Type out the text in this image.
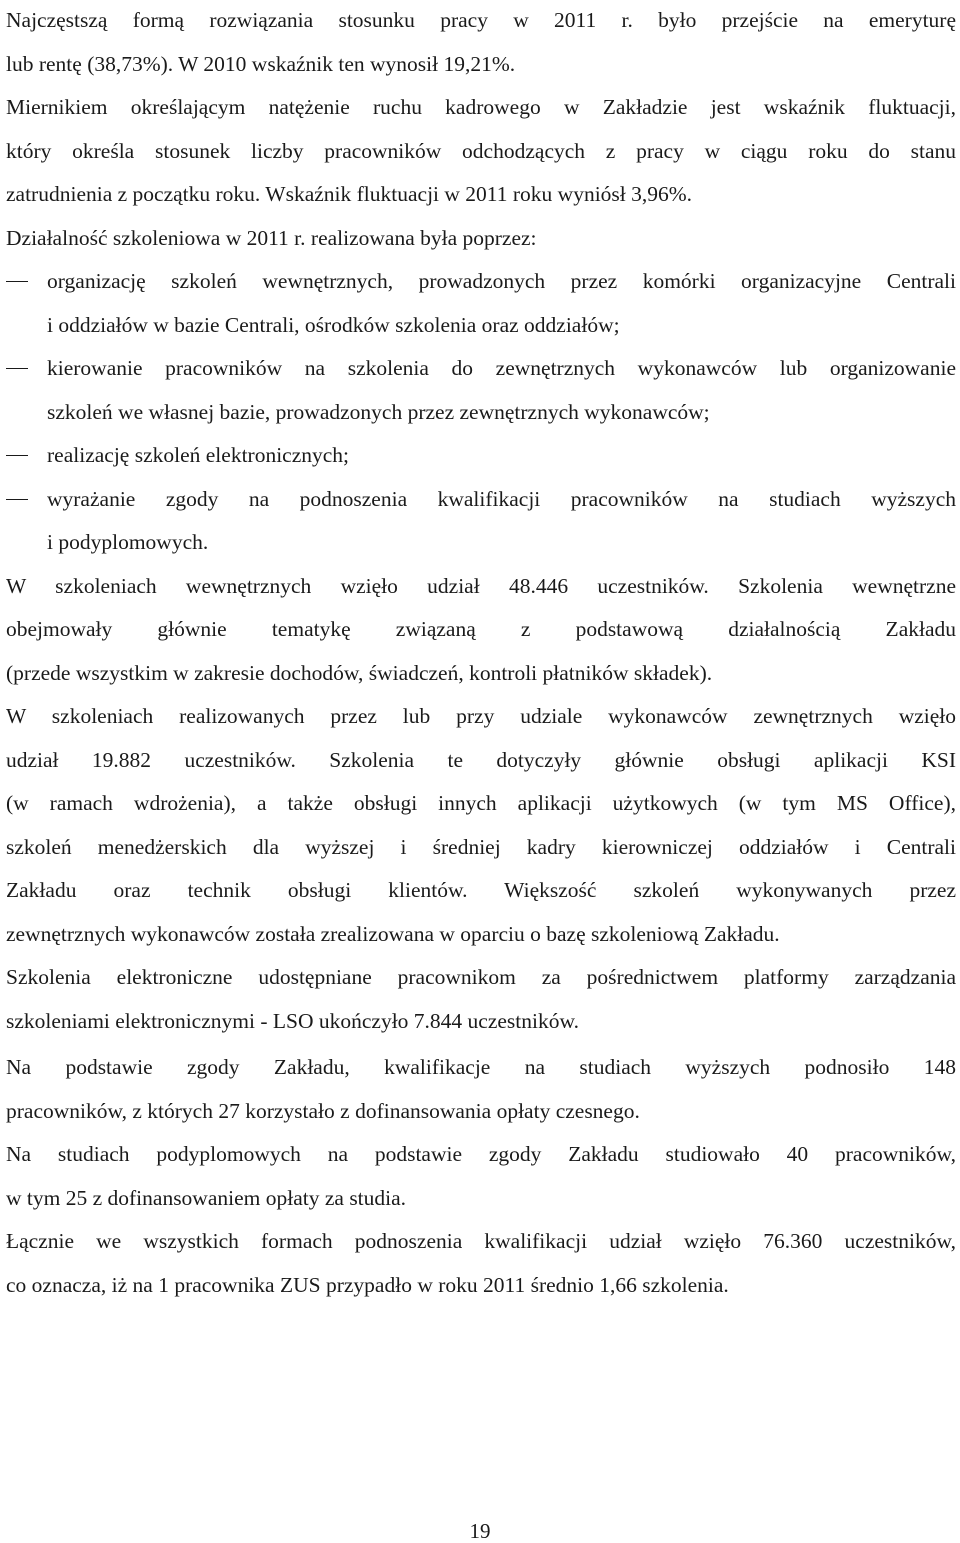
Najczęstszą formą rozwiązania stosunku pracy w 2011 r. było przejście na emeryturę
lub rentę (38,73%). W 2010 wskaźnik ten wynosił 19,21%.
Miernikiem określającym natężenie ruchu kadrowego w Zakładzie jest wskaźnik fluktuacji,
który określa stosunek liczby pracowników odchodzących z pracy w ciągu roku do stanu
zatrudnienia z początku roku. Wskaźnik fluktuacji w 2011 roku wyniósł 3,96%.
Działalność szkoleniowa w 2011 r. realizowana była poprzez:
organizację szkoleń wewnętrznych, prowadzonych przez komórki organizacyjne Centrali
i oddziałów w bazie Centrali, ośrodków szkolenia oraz oddziałów;
kierowanie pracowników na szkolenia do zewnętrznych wykonawców lub organizowanie
szkoleń we własnej bazie, prowadzonych przez zewnętrznych wykonawców;
realizację szkoleń elektronicznych;
wyrażanie zgody na podnoszenia kwalifikacji pracowników na studiach wyższych
i podyplomowych.
W szkoleniach wewnętrznych wzięło udział 48.446 uczestników. Szkolenia wewnętrzne
obejmowały głównie tematykę związaną z podstawową działalnością Zakładu
(przede wszystkim w zakresie dochodów, świadczeń, kontroli płatników składek).
W szkoleniach realizowanych przez lub przy udziale wykonawców zewnętrznych wzięło
udział 19.882 uczestników. Szkolenia te dotyczyły głównie obsługi aplikacji KSI
(w ramach wdrożenia), a także obsługi innych aplikacji użytkowych (w tym MS Office),
szkoleń menedżerskich dla wyższej i średniej kadry kierowniczej oddziałów i Centrali
Zakładu oraz technik obsługi klientów. Większość szkoleń wykonywanych przez
zewnętrznych wykonawców została zrealizowana w oparciu o bazę szkoleniową Zakładu.
Szkolenia elektroniczne udostępniane pracownikom za pośrednictwem platformy zarządzania
szkoleniami elektronicznymi - LSO ukończyło 7.844 uczestników.
Na podstawie zgody Zakładu, kwalifikacje na studiach wyższych podnosiło 148
pracowników, z których 27 korzystało z dofinansowania opłaty czesnego.
Na studiach podyplomowych na podstawie zgody Zakładu studiowało 40 pracowników,
w tym 25 z dofinansowaniem opłaty za studia.
Łącznie we wszystkich formach podnoszenia kwalifikacji udział wzięło 76.360 uczestników,
co oznacza, iż na 1 pracownika ZUS przypadło w roku 2011 średnio 1,66 szkolenia.
19
